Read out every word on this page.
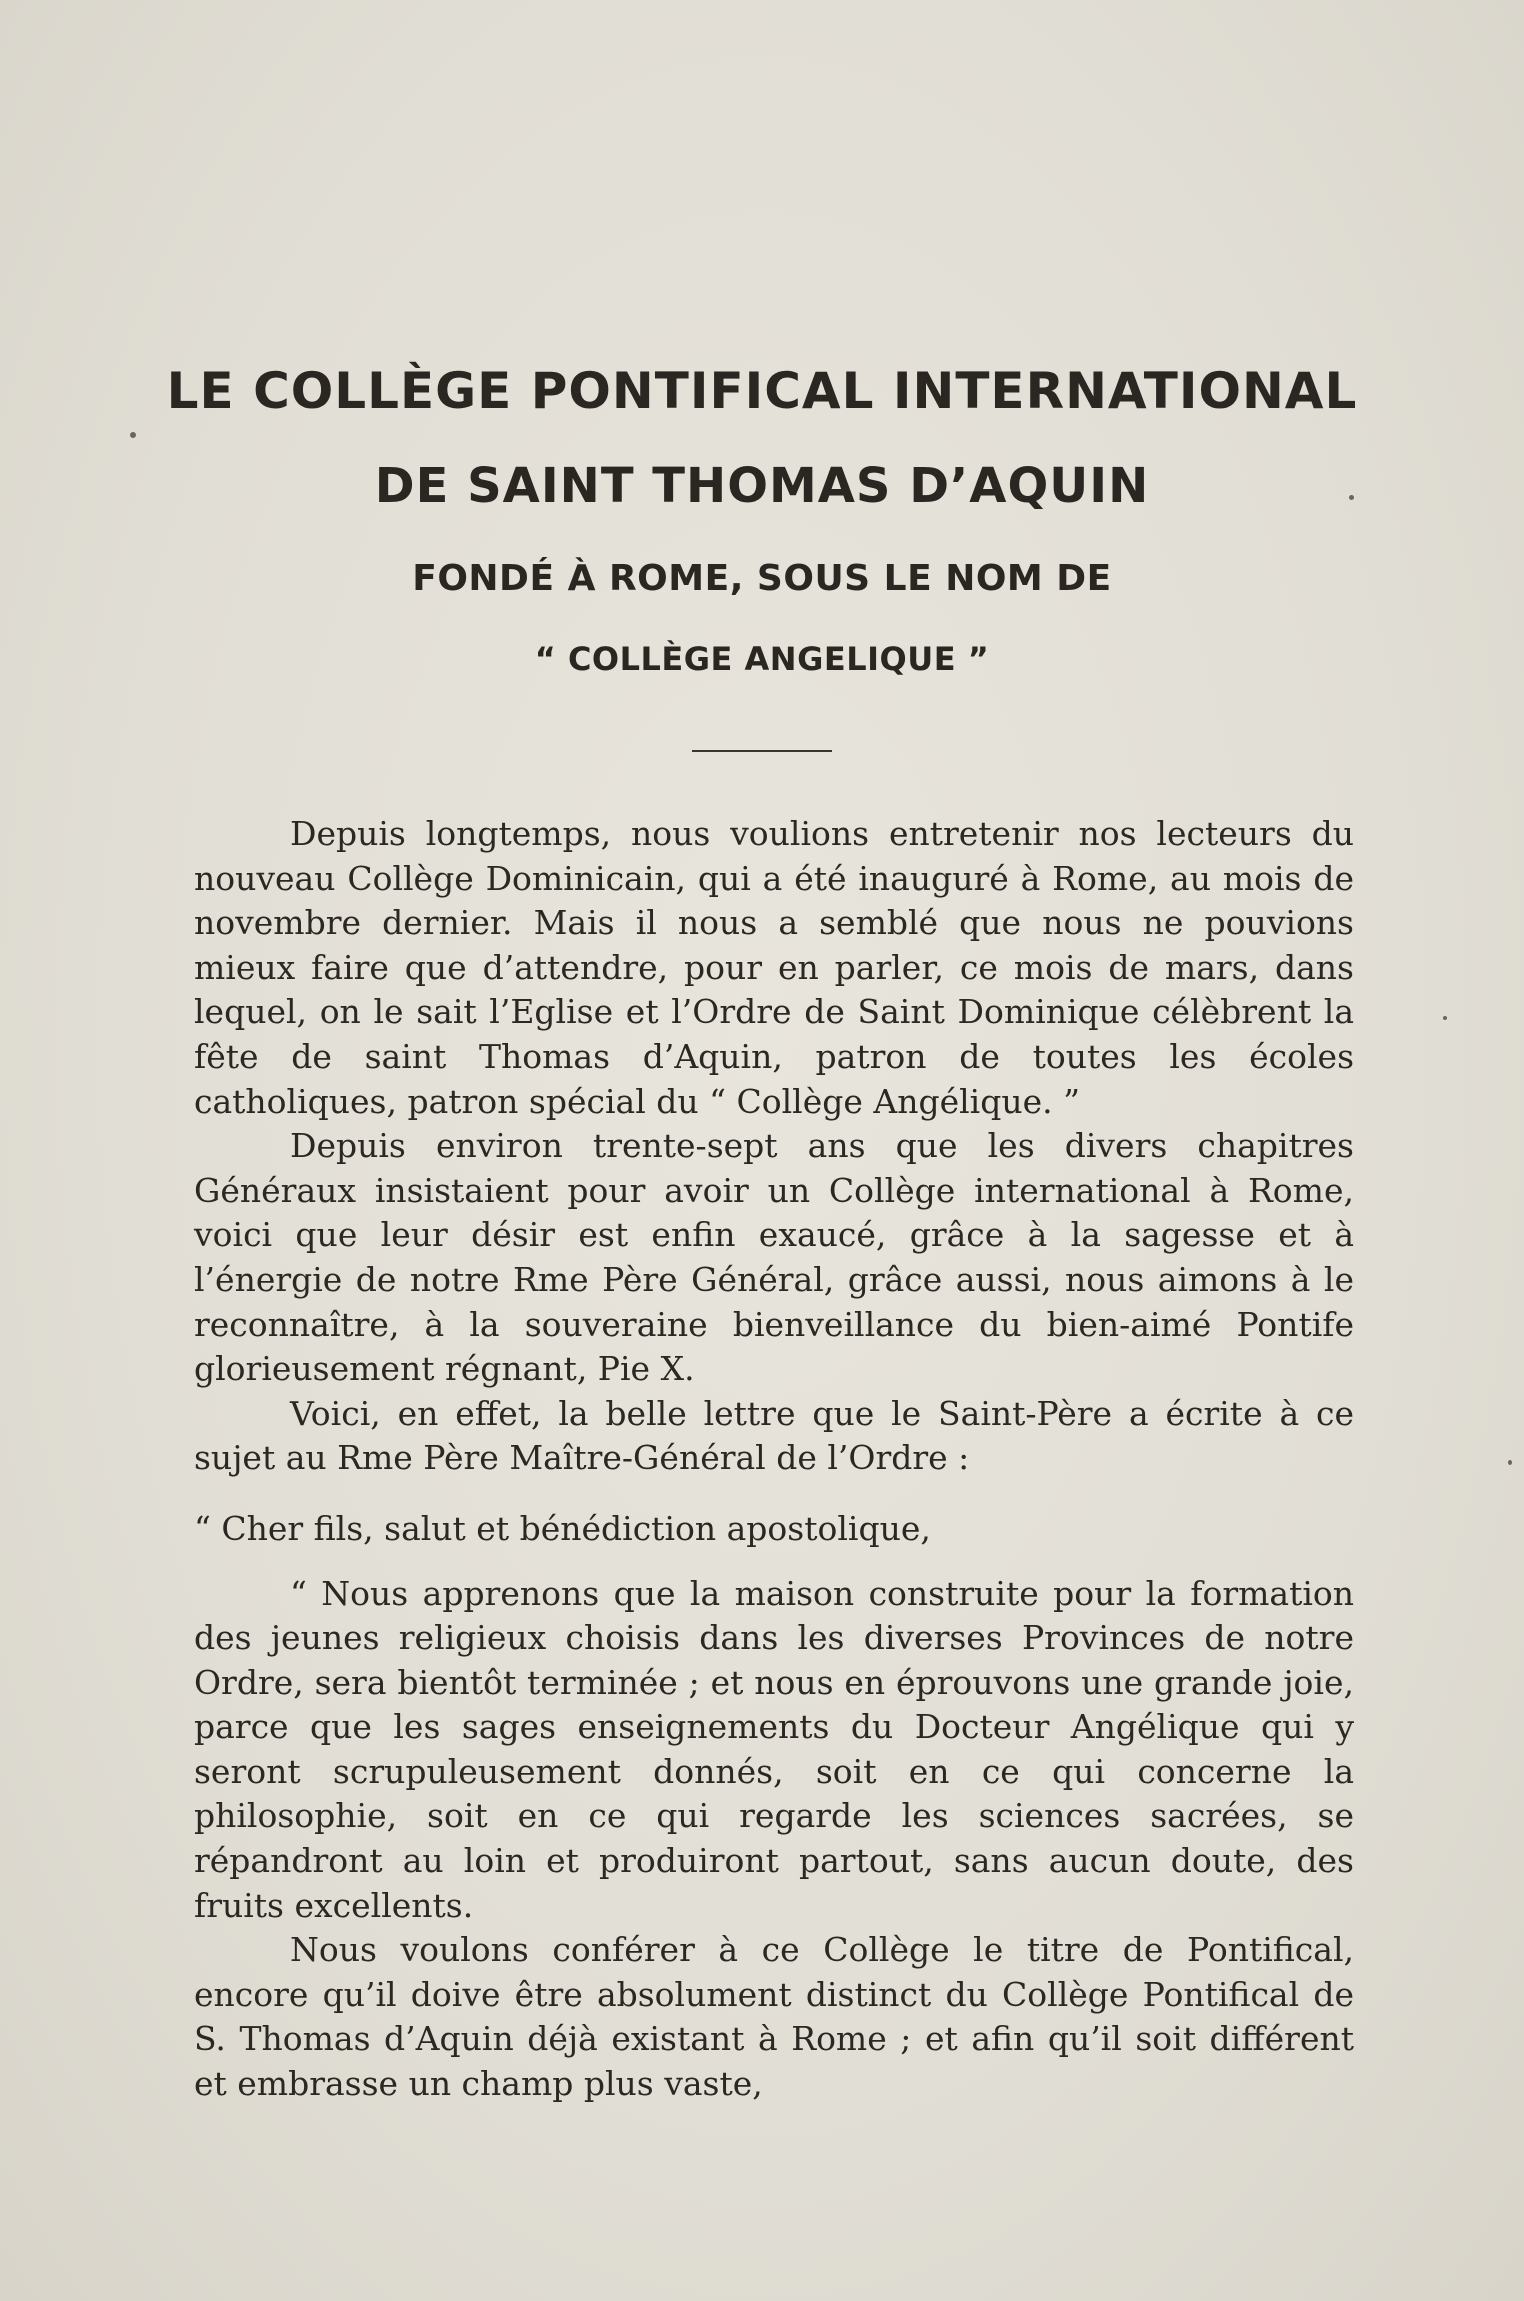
LE COLLÈGE PONTIFICAL INTERNATIONAL
DE SAINT THOMAS D’AQUIN
FONDÉ À ROME, SOUS LE NOM DE
“ COLLÈGE ANGELIQUE ”

Depuis longtemps, nous voulions entretenir nos lecteurs du nouveau Collège Dominicain, qui a été inauguré à Rome, au mois de novembre dernier. Mais il nous a semblé que nous ne pouvions mieux faire que d’attendre, pour en parler, ce mois de mars, dans lequel, on le sait l’Eglise et l’Ordre de Saint Dominique célèbrent la fête de saint Thomas d’Aquin, patron de toutes les écoles catholiques, patron spécial du “ Collège Angélique. ”

Depuis environ trente-sept ans que les divers chapitres Généraux insistaient pour avoir un Collège international à Rome, voici que leur désir est enfin exaucé, grâce à la sagesse et à l’énergie de notre Rme Père Général, grâce aussi, nous aimons à le reconnaître, à la souveraine bienveillance du bien-aimé Pontife glorieusement régnant, Pie X.

Voici, en effet, la belle lettre que le Saint-Père a écrite à ce sujet au Rme Père Maître-Général de l’Ordre :

“ Cher fils, salut et bénédiction apostolique,

“ Nous apprenons que la maison construite pour la formation des jeunes religieux choisis dans les diverses Provinces de notre Ordre, sera bientôt terminée ; et nous en éprouvons une grande joie, parce que les sages enseignements du Docteur Angélique qui y seront scrupuleusement donnés, soit en ce qui concerne la philosophie, soit en ce qui regarde les sciences sacrées, se répandront au loin et produiront partout, sans aucun doute, des fruits excellents.

Nous voulons conférer à ce Collège le titre de Pontifical, encore qu’il doive être absolument distinct du Collège Pontifical de S. Thomas d’Aquin déjà existant à Rome ; et afin qu’il soit différent et embrasse un champ plus vaste,
